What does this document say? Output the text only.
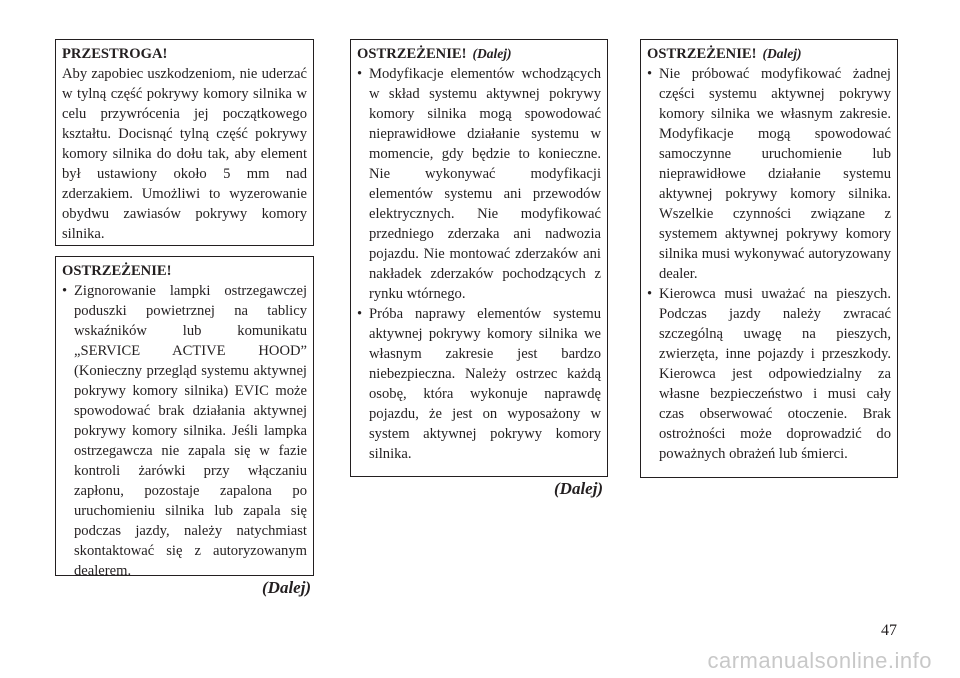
PRZESTROGA!

Aby zapobiec uszkodzeniom, nie uderzać w tylną część pokrywy komory silnika w celu przywrócenia jej początkowego kształtu. Docisnąć tylną część pokrywy komory silnika do dołu tak, aby element był ustawiony około 5 mm nad zderzakiem. Umożliwi to wyzerowanie obydwu zawiasów pokrywy komory silnika.

OSTRZEŻENIE!
• Zignorowanie lampki ostrzegawczej poduszki powietrznej na tablicy wskaźników lub komunikatu „SERVICE ACTIVE HOOD” (Konieczny przegląd systemu aktywnej pokrywy komory silnika) EVIC może spowodować brak działania aktywnej pokrywy komory silnika. Jeśli lampka ostrzegawcza nie zapala się w fazie kontroli żarówki przy włączaniu zapłonu, pozostaje zapalona po uruchomieniu silnika lub zapala się podczas jazdy, należy natychmiast skontaktować się z autoryzowanym dealerem.
(Dalej)
OSTRZEŻENIE! (Dalej)
• Modyfikacje elementów wchodzących w skład systemu aktywnej pokrywy komory silnika mogą spowodować nieprawidłowe działanie systemu w momencie, gdy będzie to konieczne. Nie wykonywać modyfikacji elementów systemu ani przewodów elektrycznych. Nie modyfikować przedniego zderzaka ani nadwozia pojazdu. Nie montować zderzaków ani nakładek zderzaków pochodzących z rynku wtórnego.
• Próba naprawy elementów systemu aktywnej pokrywy komory silnika we własnym zakresie jest bardzo niebezpieczna. Należy ostrzec każdą osobę, która wykonuje naprawdę pojazdu, że jest on wyposażony w system aktywnej pokrywy komory silnika.
(Dalej)
OSTRZEŻENIE! (Dalej)
• Nie próbować modyfikować żadnej części systemu aktywnej pokrywy komory silnika we własnym zakresie. Modyfikacje mogą spowodować samoczynne uruchomienie lub nieprawidłowe działanie systemu aktywnej pokrywy komory silnika. Wszelkie czynności związane z systemem aktywnej pokrywy komory silnika musi wykonywać autoryzowany dealer.
• Kierowca musi uważać na pieszych. Podczas jazdy należy zwracać szczególną uwagę na pieszych, zwierzęta, inne pojazdy i przeszkody. Kierowca jest odpowiedzialny za własne bezpieczeństwo i musi cały czas obserwować otoczenie. Brak ostrożności może doprowadzić do poważnych obrażeń lub śmierci.
47
carmanualsonline.info
